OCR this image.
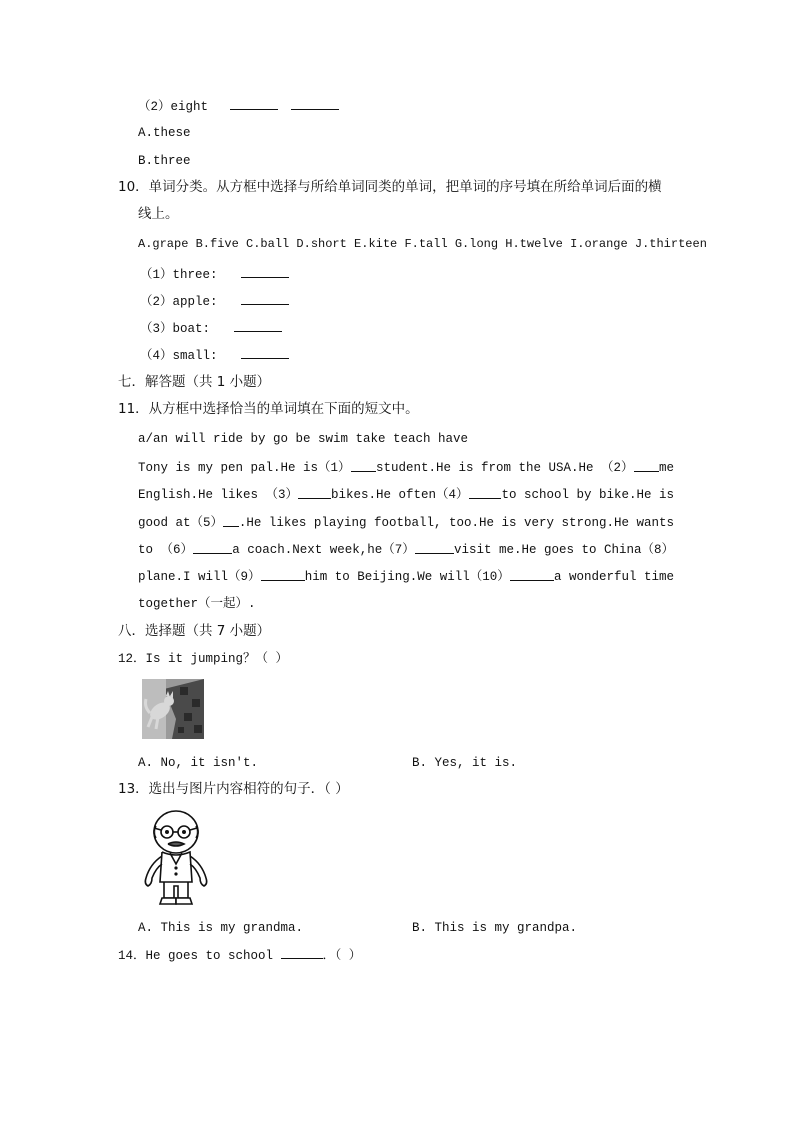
（2）eight
A.these
B.three
10．单词分类。从方框中选择与所给单词同类的单词，把单词的序号填在所给单词后面的横
线上。
A.grape B.five C.ball D.short E.kite F.tall G.long H.twelve I.orange J.thirteen
（1）three:
（2）apple:
（3）boat:
（4）small:
七．解答题（共 1 小题）
11．从方框中选择恰当的单词填在下面的短文中。
a/an will ride by go be swim take teach have
Tony is my pen pal.He is（1） student.He is from the USA.He （2） me
English.He likes （3）	bikes.He often（4）	to school by bike.He is
good at（5） .He likes playing football, too.He is very strong.He wants
to （6）	a coach.Next week,he（7）	visit me.He goes to China（8）
plane.I will（9）	him to Beijing.We will（10）	a wonderful time
together（一起）.
八．选择题（共 7 小题）
12．Is it jumping？（ ）
A. No, it isn't.	B. Yes, it is.
13．选出与图片内容相符的句子．（ ）
A. This is my grandma.	B. This is my grandpa.
14．He goes to school	．（ ）
